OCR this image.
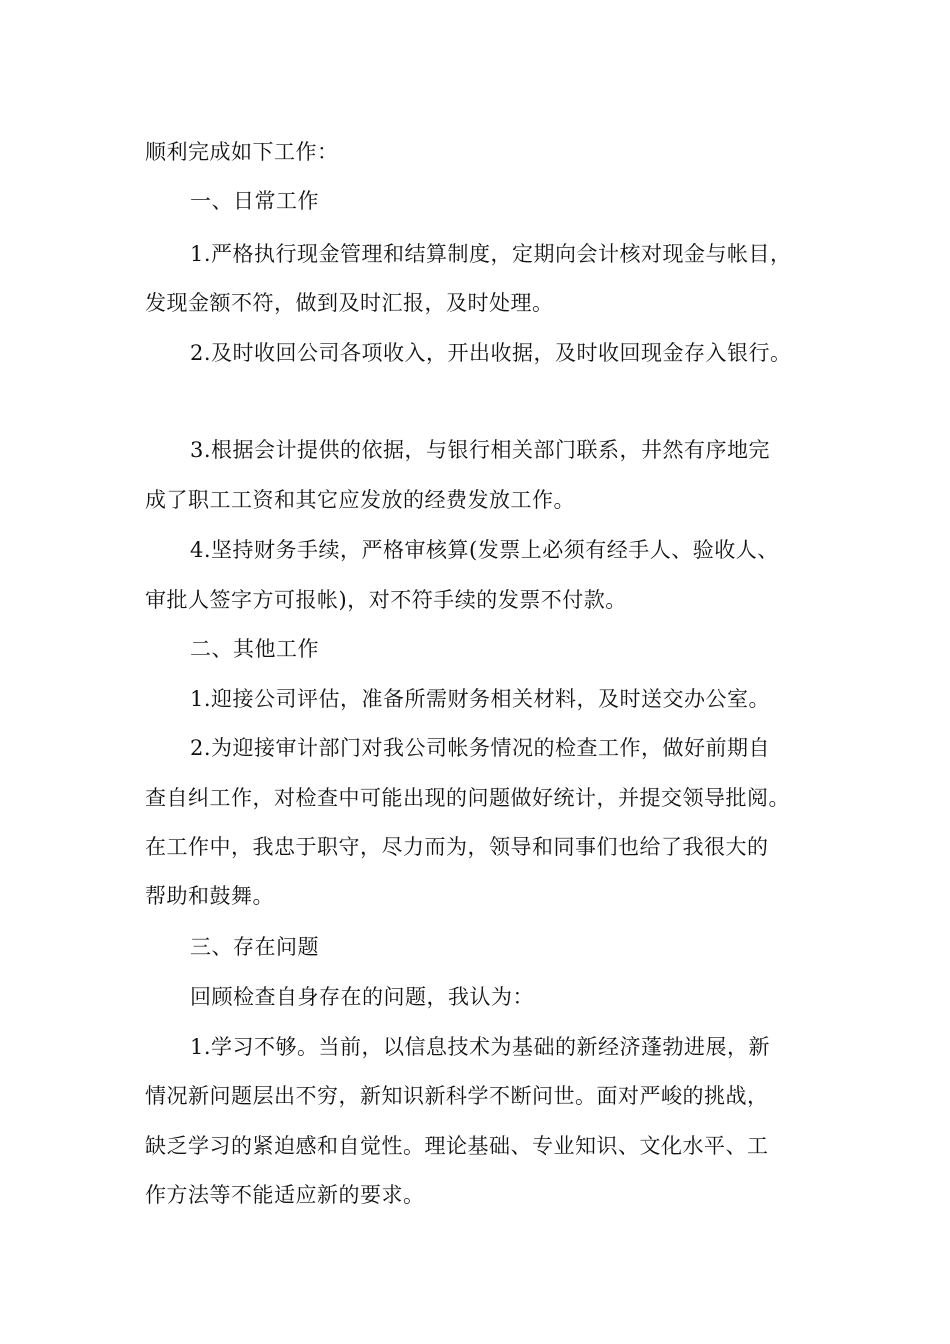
顺利完成如下工作：
一、日常工作
1.严格执行现金管理和结算制度，定期向会计核对现金与帐目，
发现金额不符，做到及时汇报，及时处理。
2.及时收回公司各项收入，开出收据，及时收回现金存入银行。
3.根据会计提供的依据，与银行相关部门联系，井然有序地完
成了职工工资和其它应发放的经费发放工作。
4.坚持财务手续，严格审核算(发票上必须有经手人、验收人、
审批人签字方可报帐)，对不符手续的发票不付款。
二、其他工作
1.迎接公司评估，准备所需财务相关材料，及时送交办公室。
2.为迎接审计部门对我公司帐务情况的检查工作，做好前期自
查自纠工作，对检查中可能出现的问题做好统计，并提交领导批阅。
在工作中，我忠于职守，尽力而为，领导和同事们也给了我很大的
帮助和鼓舞。
三、存在问题
回顾检查自身存在的问题，我认为：
1.学习不够。当前，以信息技术为基础的新经济蓬勃进展，新
情况新问题层出不穷，新知识新科学不断问世。面对严峻的挑战，
缺乏学习的紧迫感和自觉性。理论基础、专业知识、文化水平、工
作方法等不能适应新的要求。
